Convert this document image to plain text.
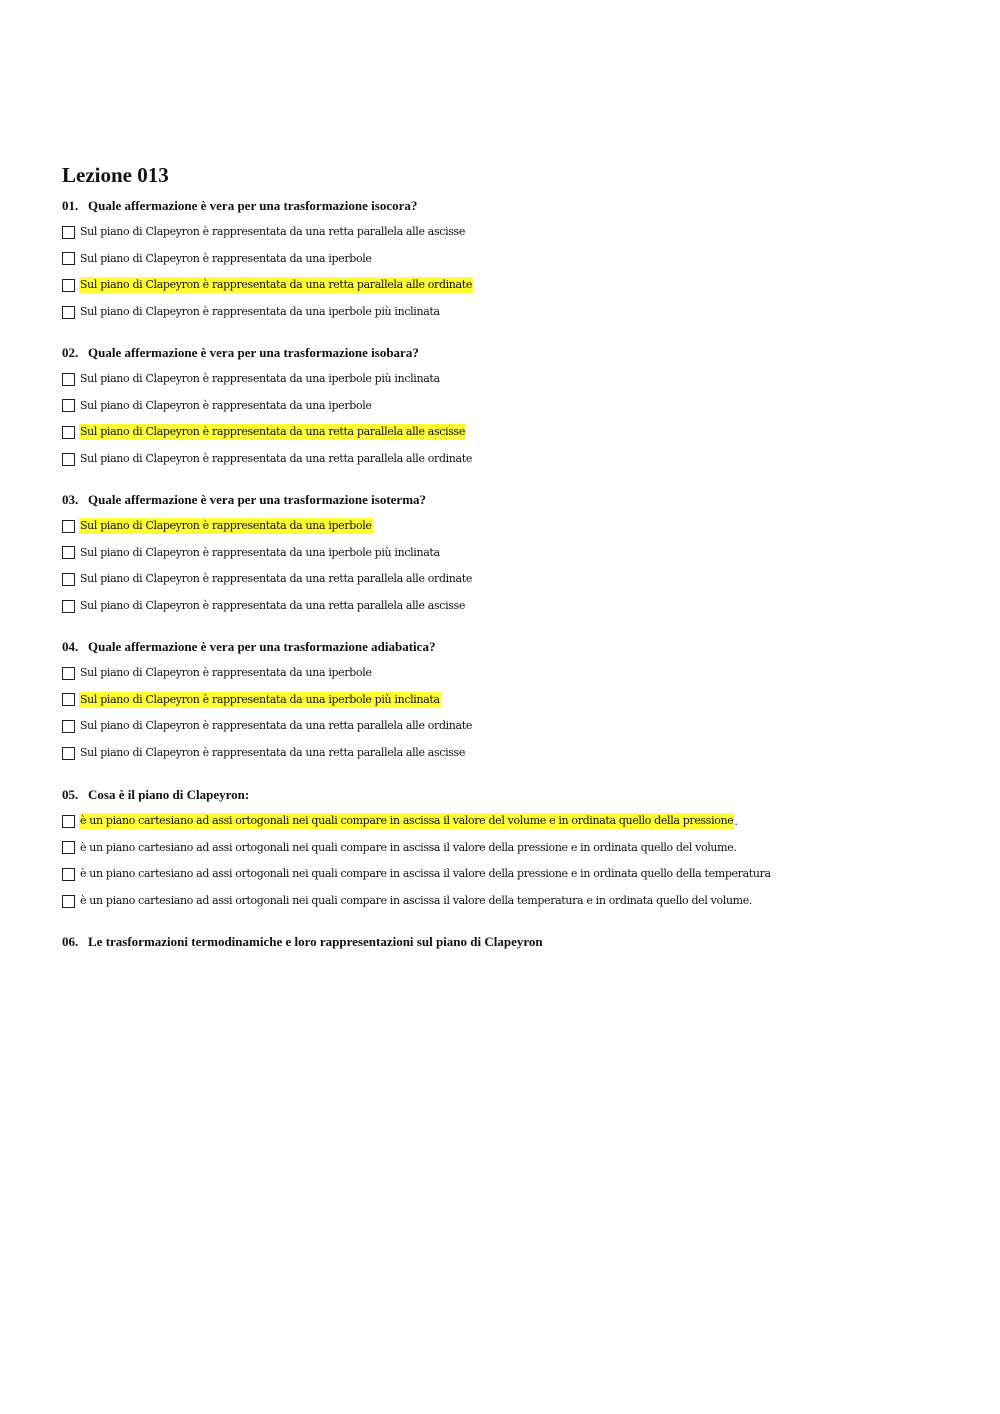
Lezione 013
01. Quale affermazione è vera per una trasformazione isocora?
Sul piano di Clapeyron è rappresentata da una retta parallela alle ascisse
Sul piano di Clapeyron è rappresentata da una iperbole
Sul piano di Clapeyron è rappresentata da una retta parallela alle ordinate
Sul piano di Clapeyron è rappresentata da una iperbole più inclinata
02. Quale affermazione è vera per una trasformazione isobara?
Sul piano di Clapeyron è rappresentata da una iperbole più inclinata
Sul piano di Clapeyron è rappresentata da una iperbole
Sul piano di Clapeyron è rappresentata da una retta parallela alle ascisse
Sul piano di Clapeyron è rappresentata da una retta parallela alle ordinate
03. Quale affermazione è vera per una trasformazione isoterma?
Sul piano di Clapeyron è rappresentata da una iperbole
Sul piano di Clapeyron è rappresentata da una iperbole più inclinata
Sul piano di Clapeyron è rappresentata da una retta parallela alle ordinate
Sul piano di Clapeyron è rappresentata da una retta parallela alle ascisse
04. Quale affermazione è vera per una trasformazione adiabatica?
Sul piano di Clapeyron è rappresentata da una iperbole
Sul piano di Clapeyron è rappresentata da una iperbole più inclinata
Sul piano di Clapeyron è rappresentata da una retta parallela alle ordinate
Sul piano di Clapeyron è rappresentata da una retta parallela alle ascisse
05. Cosa è il piano di Clapeyron:
è un piano cartesiano ad assi ortogonali nei quali compare in ascissa il valore del volume e in ordinata quello della pressione .
è un piano cartesiano ad assi ortogonali nei quali compare in ascissa il valore della pressione e in ordinata quello del volume.
è un piano cartesiano ad assi ortogonali nei quali compare in ascissa il valore della pressione e in ordinata quello della temperatura
è un piano cartesiano ad assi ortogonali nei quali compare in ascissa il valore della temperatura e in ordinata quello del volume.
06. Le trasformazioni termodinamiche e loro rappresentazioni sul piano di Clapeyron
